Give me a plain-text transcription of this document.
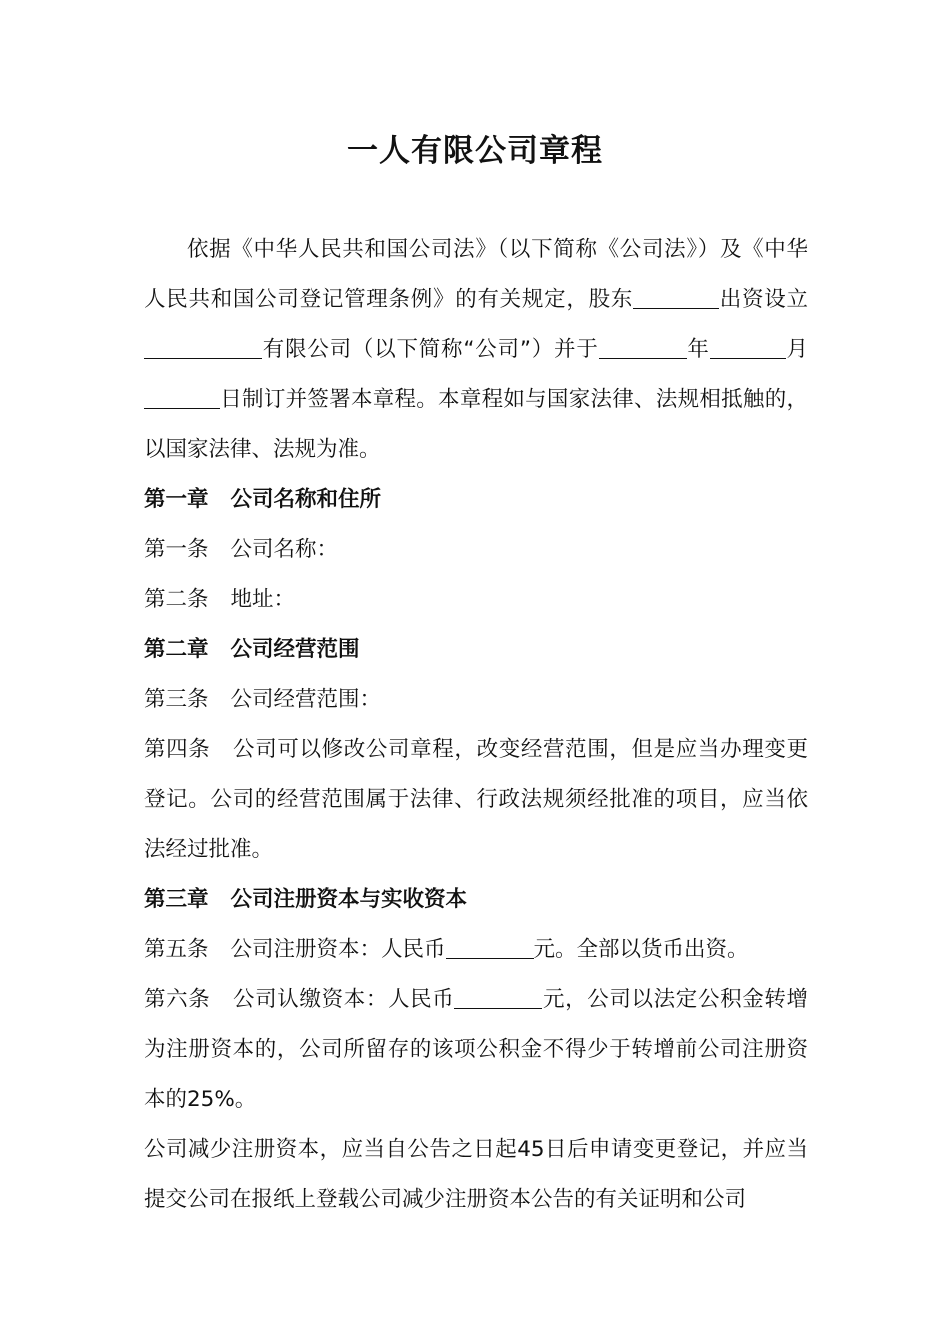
一人有限公司章程

依据《中华人民共和国公司法》（以下简称《公司法》）及《中华人民共和国公司登记管理条例》的有关规定，股东	出资设立有限公司（以下简称“公司”）并于	年	月日制订并签署本章程。本章程如与国家法律、法规相抵触的，以国家法律、法规为准。

第一章 公司名称和住所

第一条 公司名称：

第二条 地址：

第二章 公司经营范围

第三条 公司经营范围：

第四条 公司可以修改公司章程，改变经营范围，但是应当办理变更登记。公司的经营范围属于法律、行政法规须经批准的项目，应当依法经过批准。

第三章 公司注册资本与实收资本

第五条 公司注册资本：人民币	元。全部以货币出资。

第六条 公司认缴资本：人民币	元，公司以法定公积金转增为注册资本的，公司所留存的该项公积金不得少于转增前公司注册资本的25%。

公司减少注册资本，应当自公告之日起45日后申请变更登记，并应当提交公司在报纸上登载公司减少注册资本公告的有关证明和公司
